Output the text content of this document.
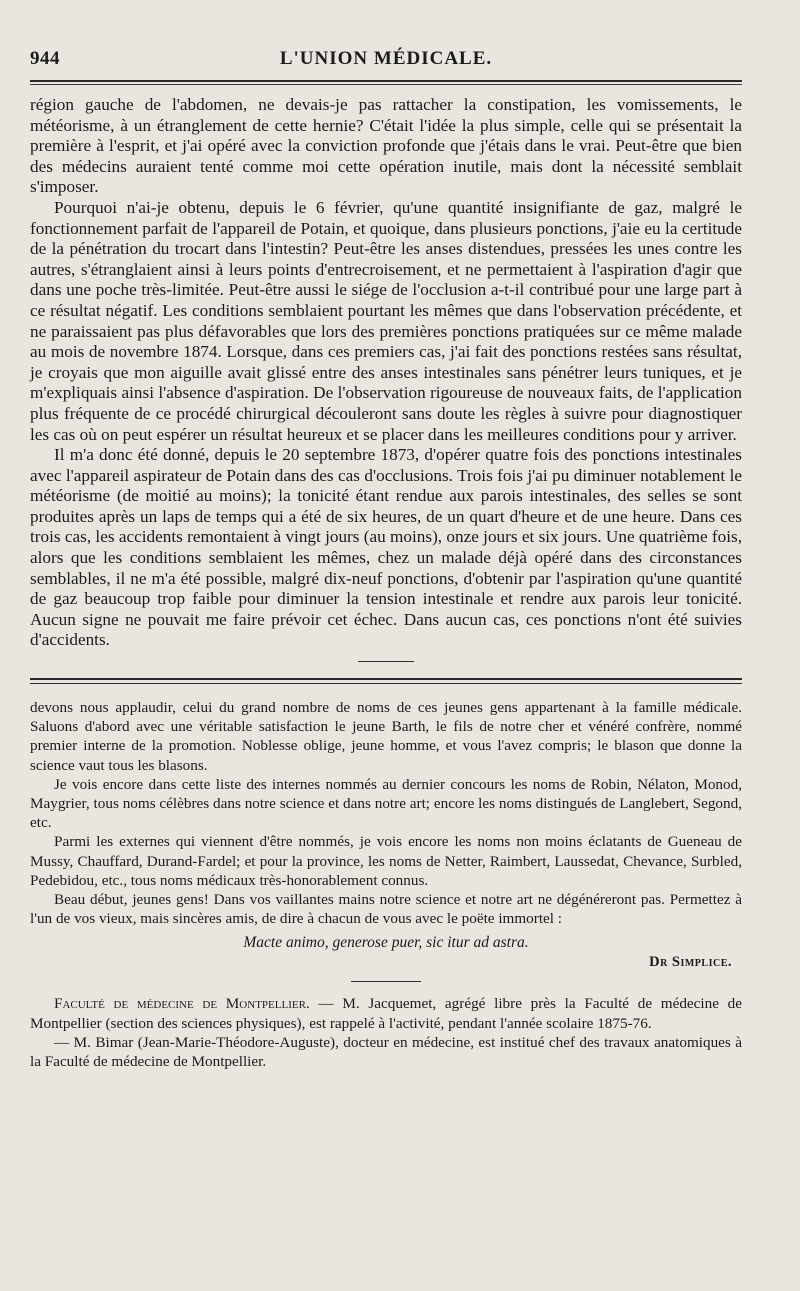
944	L'UNION MÉDICALE.

région gauche de l'abdomen, ne devais-je pas rattacher la constipation, les vomissements, le météorisme, à un étranglement de cette hernie? C'était l'idée la plus simple, celle qui se présentait la première à l'esprit, et j'ai opéré avec la conviction profonde que j'étais dans le vrai. Peut-être que bien des médecins auraient tenté comme moi cette opération inutile, mais dont la nécessité semblait s'imposer.

Pourquoi n'ai-je obtenu, depuis le 6 février, qu'une quantité insignifiante de gaz, malgré le fonctionnement parfait de l'appareil de Potain, et quoique, dans plusieurs ponctions, j'aie eu la certitude de la pénétration du trocart dans l'intestin? Peut-être les anses distendues, pressées les unes contre les autres, s'étranglaient ainsi à leurs points d'entrecroisement, et ne permettaient à l'aspiration d'agir que dans une poche très-limitée. Peut-être aussi le siége de l'occlusion a-t-il contribué pour une large part à ce résultat négatif. Les conditions semblaient pourtant les mêmes que dans l'observation précédente, et ne paraissaient pas plus défavorables que lors des premières ponctions pratiquées sur ce même malade au mois de novembre 1874. Lorsque, dans ces premiers cas, j'ai fait des ponctions restées sans résultat, je croyais que mon aiguille avait glissé entre des anses intestinales sans pénétrer leurs tuniques, et je m'expliquais ainsi l'absence d'aspiration. De l'observation rigoureuse de nouveaux faits, de l'application plus fréquente de ce procédé chirurgical découleront sans doute les règles à suivre pour diagnostiquer les cas où on peut espérer un résultat heureux et se placer dans les meilleures conditions pour y arriver.

Il m'a donc été donné, depuis le 20 septembre 1873, d'opérer quatre fois des ponctions intestinales avec l'appareil aspirateur de Potain dans des cas d'occlusions. Trois fois j'ai pu diminuer notablement le météorisme (de moitié au moins); la tonicité étant rendue aux parois intestinales, des selles se sont produites après un laps de temps qui a été de six heures, de un quart d'heure et de une heure. Dans ces trois cas, les accidents remontaient à vingt jours (au moins), onze jours et six jours. Une quatrième fois, alors que les conditions semblaient les mêmes, chez un malade déjà opéré dans des circonstances semblables, il ne m'a été possible, malgré dix-neuf ponctions, d'obtenir par l'aspiration qu'une quantité de gaz beaucoup trop faible pour diminuer la tension intestinale et rendre aux parois leur tonicité. Aucun signe ne pouvait me faire prévoir cet échec. Dans aucun cas, ces ponctions n'ont été suivies d'accidents.

devons nous applaudir, celui du grand nombre de noms de ces jeunes gens appartenant à la famille médicale. Saluons d'abord avec une véritable satisfaction le jeune Barth, le fils de notre cher et vénéré confrère, nommé premier interne de la promotion. Noblesse oblige, jeune homme, et vous l'avez compris; le blason que donne la science vaut tous les blasons.

Je vois encore dans cette liste des internes nommés au dernier concours les noms de Robin, Nélaton, Monod, Maygrier, tous noms célèbres dans notre science et dans notre art; encore les noms distingués de Langlebert, Segond, etc.

Parmi les externes qui viennent d'être nommés, je vois encore les noms non moins éclatants de Gueneau de Mussy, Chauffard, Durand-Fardel; et pour la province, les noms de Netter, Raimbert, Laussedat, Chevance, Surbled, Pedebidou, etc., tous noms médicaux très-honorablement connus.

Beau début, jeunes gens! Dans vos vaillantes mains notre science et notre art ne dégénéreront pas. Permettez à l'un de vos vieux, mais sincères amis, de dire à chacun de vous avec le poëte immortel :

Macte animo, generose puer, sic itur ad astra.
Dr Simplice.

Faculté de médecine de Montpellier. — M. Jacquemet, agrégé libre près la Faculté de médecine de Montpellier (section des sciences physiques), est rappelé à l'activité, pendant l'année scolaire 1875-76.

— M. Bimar (Jean-Marie-Théodore-Auguste), docteur en médecine, est institué chef des travaux anatomiques à la Faculté de médecine de Montpellier.
